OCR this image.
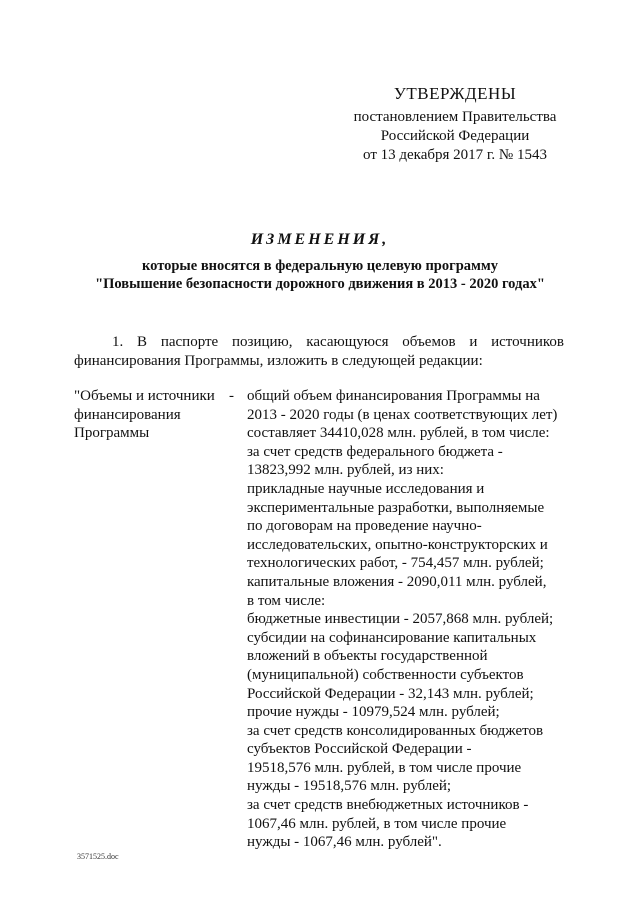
УТВЕРЖДЕНЫ
постановлением Правительства
Российской Федерации
от 13 декабря 2017 г. № 1543
ИЗМЕНЕНИЯ,
которые вносятся в федеральную целевую программу
"Повышение безопасности дорожного движения в 2013 - 2020 годах"
1. В паспорте позицию, касающуюся объемов и источников
финансирования Программы, изложить в следующей редакции:
"Объемы и источники
финансирования
Программы
- общий объем финансирования Программы на
2013 - 2020 годы (в ценах соответствующих лет)
составляет 34410,028 млн. рублей, в том числе:
за счет средств федерального бюджета -
13823,992 млн. рублей, из них:
прикладные научные исследования и
экспериментальные разработки, выполняемые
по договорам на проведение научно-
исследовательских, опытно-конструкторских и
технологических работ, - 754,457 млн. рублей;
капитальные вложения - 2090,011 млн. рублей,
в том числе:
бюджетные инвестиции - 2057,868 млн. рублей;
субсидии на софинансирование капитальных
вложений в объекты государственной
(муниципальной) собственности субъектов
Российской Федерации - 32,143 млн. рублей;
прочие нужды - 10979,524 млн. рублей;
за счет средств консолидированных бюджетов
субъектов Российской Федерации -
19518,576 млн. рублей, в том числе прочие
нужды - 19518,576 млн. рублей;
за счет средств внебюджетных источников -
1067,46 млн. рублей, в том числе прочие
нужды - 1067,46 млн. рублей".
3571525.doc
